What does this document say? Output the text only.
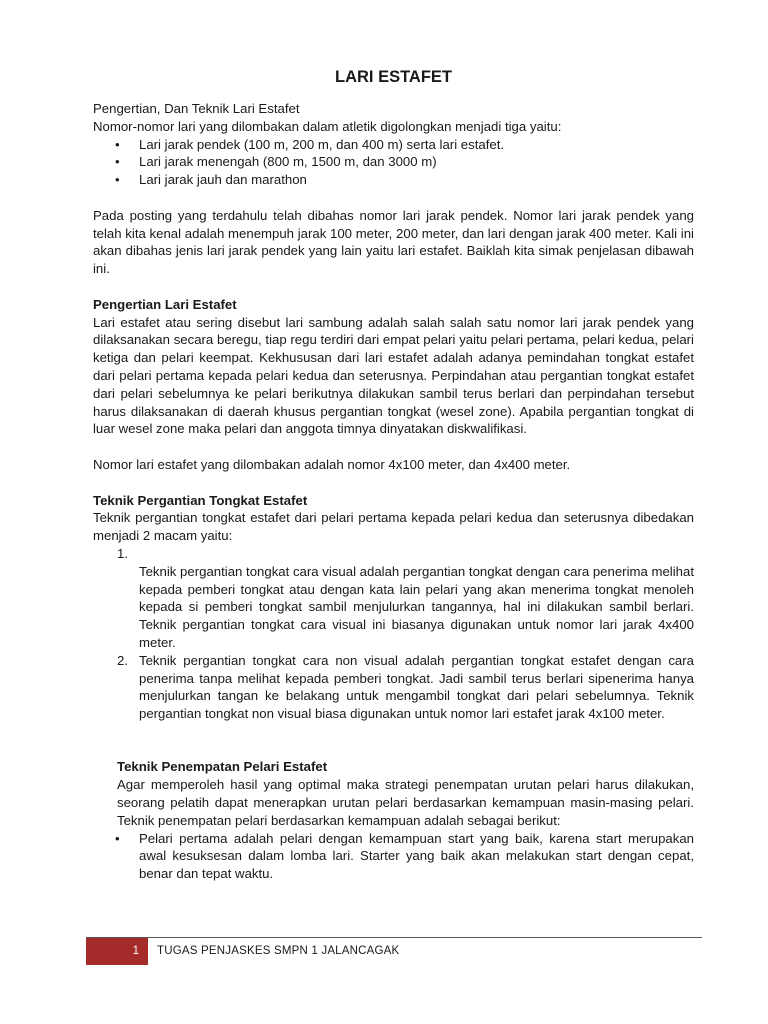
LARI ESTAFET

Pengertian, Dan Teknik Lari Estafet

Nomor-nomor lari yang dilombakan dalam atletik digolongkan menjadi tiga yaitu:

• Lari jarak pendek (100 m, 200 m, dan 400 m) serta lari estafet.
• Lari jarak menengah (800 m, 1500 m, dan 3000 m)
• Lari jarak jauh dan marathon

Pada posting yang terdahulu telah dibahas nomor lari jarak pendek. Nomor lari jarak pendek yang telah kita kenal adalah menempuh jarak 100 meter, 200 meter, dan lari dengan jarak 400 meter. Kali ini akan dibahas jenis lari jarak pendek yang lain yaitu lari estafet. Baiklah kita simak penjelasan dibawah ini.

Pengertian Lari Estafet

Lari estafet atau sering disebut lari sambung adalah salah salah satu nomor lari jarak pendek yang dilaksanakan secara beregu, tiap regu terdiri dari empat pelari yaitu pelari pertama, pelari kedua, pelari ketiga dan pelari keempat. Kekhususan dari lari estafet adalah adanya pemindahan tongkat estafet dari pelari pertama kepada pelari kedua dan seterusnya. Perpindahan atau pergantian tongkat estafet dari pelari sebelumnya ke pelari berikutnya dilakukan sambil terus berlari dan perpindahan tersebut harus dilaksanakan di daerah khusus pergantian tongkat (wesel zone). Apabila pergantian tongkat di luar wesel zone maka pelari dan anggota timnya dinyatakan diskwalifikasi.

Nomor lari estafet yang dilombakan adalah nomor 4x100 meter, dan 4x400 meter.

Teknik Pergantian Tongkat Estafet

Teknik pergantian tongkat estafet dari pelari pertama kepada pelari kedua dan seterusnya dibedakan menjadi 2 macam yaitu:

1.
Teknik pergantian tongkat cara visual adalah pergantian tongkat dengan cara penerima melihat kepada pemberi tongkat atau dengan kata lain pelari yang akan menerima tongkat menoleh kepada si pemberi tongkat sambil menjulurkan tangannya, hal ini dilakukan sambil berlari. Teknik pergantian tongkat cara visual ini biasanya digunakan untuk nomor lari jarak 4x400 meter.
2. Teknik pergantian tongkat cara non visual adalah pergantian tongkat estafet dengan cara penerima tanpa melihat kepada pemberi tongkat. Jadi sambil terus berlari sipenerima hanya menjulurkan tangan ke belakang untuk mengambil tongkat dari pelari sebelumnya. Teknik pergantian tongkat non visual biasa digunakan untuk nomor lari estafet jarak 4x100 meter.

Teknik Penempatan Pelari Estafet

Agar memperoleh hasil yang optimal maka strategi penempatan urutan pelari harus dilakukan, seorang pelatih dapat menerapkan urutan pelari berdasarkan kemampuan masin-masing pelari. Teknik penempatan pelari berdasarkan kemampuan adalah sebagai berikut:

• Pelari pertama adalah pelari dengan kemampuan start yang baik, karena start merupakan awal kesuksesan dalam lomba lari. Starter yang baik akan melakukan start dengan cepat, benar dan tepat waktu.
1	TUGAS PENJASKES SMPN 1 JALANCAGAK
